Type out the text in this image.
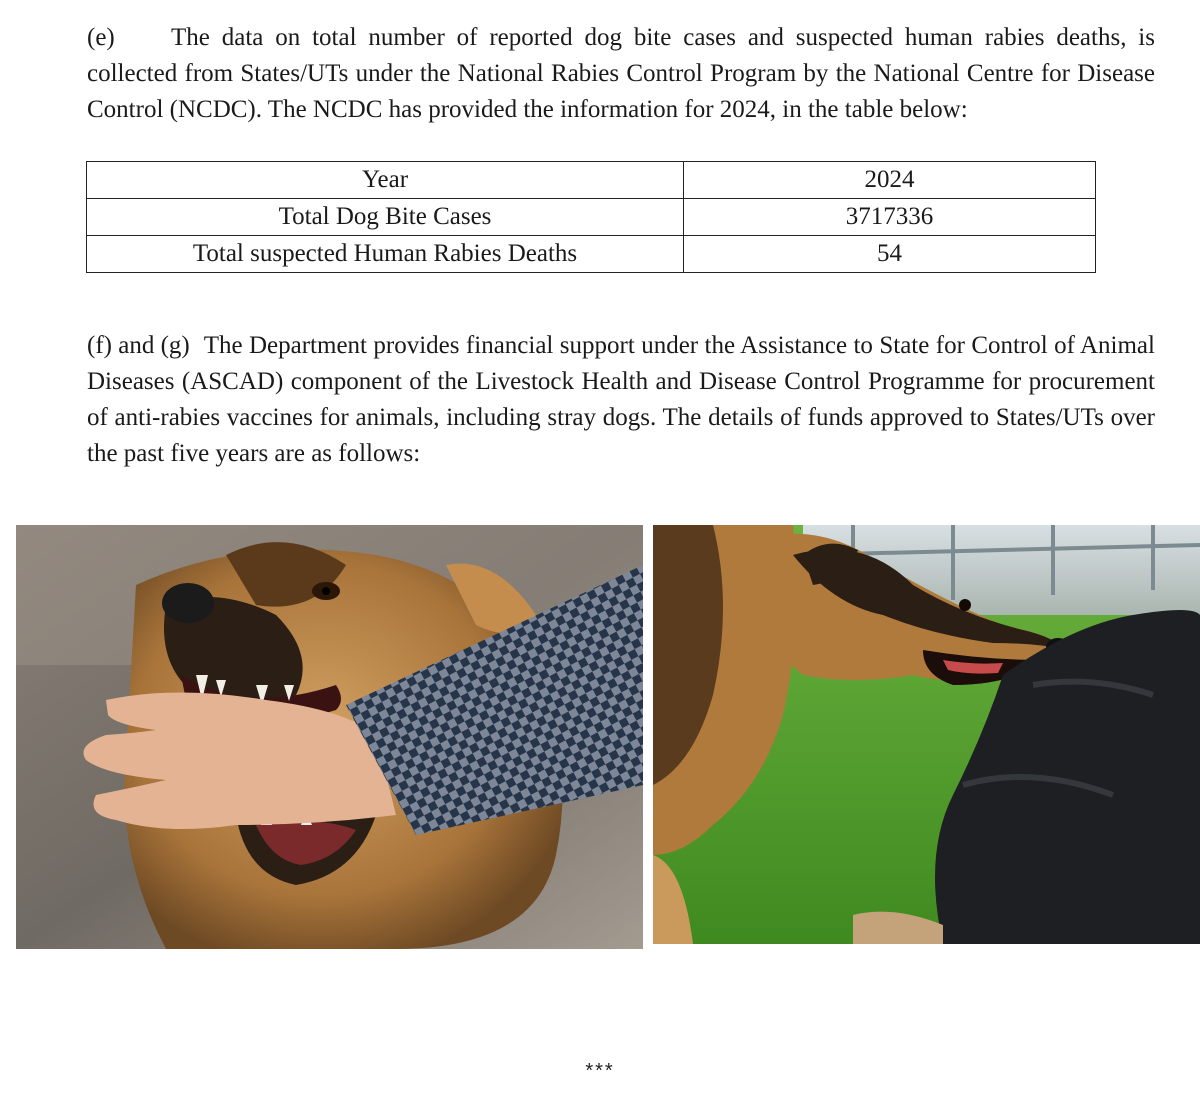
(e) The data on total number of reported dog bite cases and suspected human rabies deaths, is collected from States/UTs under the National Rabies Control Program by the National Centre for Disease Control (NCDC). The NCDC has provided the information for 2024, in the table below:

Year	2024
Total Dog Bite Cases	3717336
Total suspected Human Rabies Deaths	54

(f) and (g) The Department provides financial support under the Assistance to State for Control of Animal Diseases (ASCAD) component of the Livestock Health and Disease Control Programme for procurement of anti-rabies vaccines for animals, including stray dogs. The details of funds approved to States/UTs over the past five years are as follows:

***
